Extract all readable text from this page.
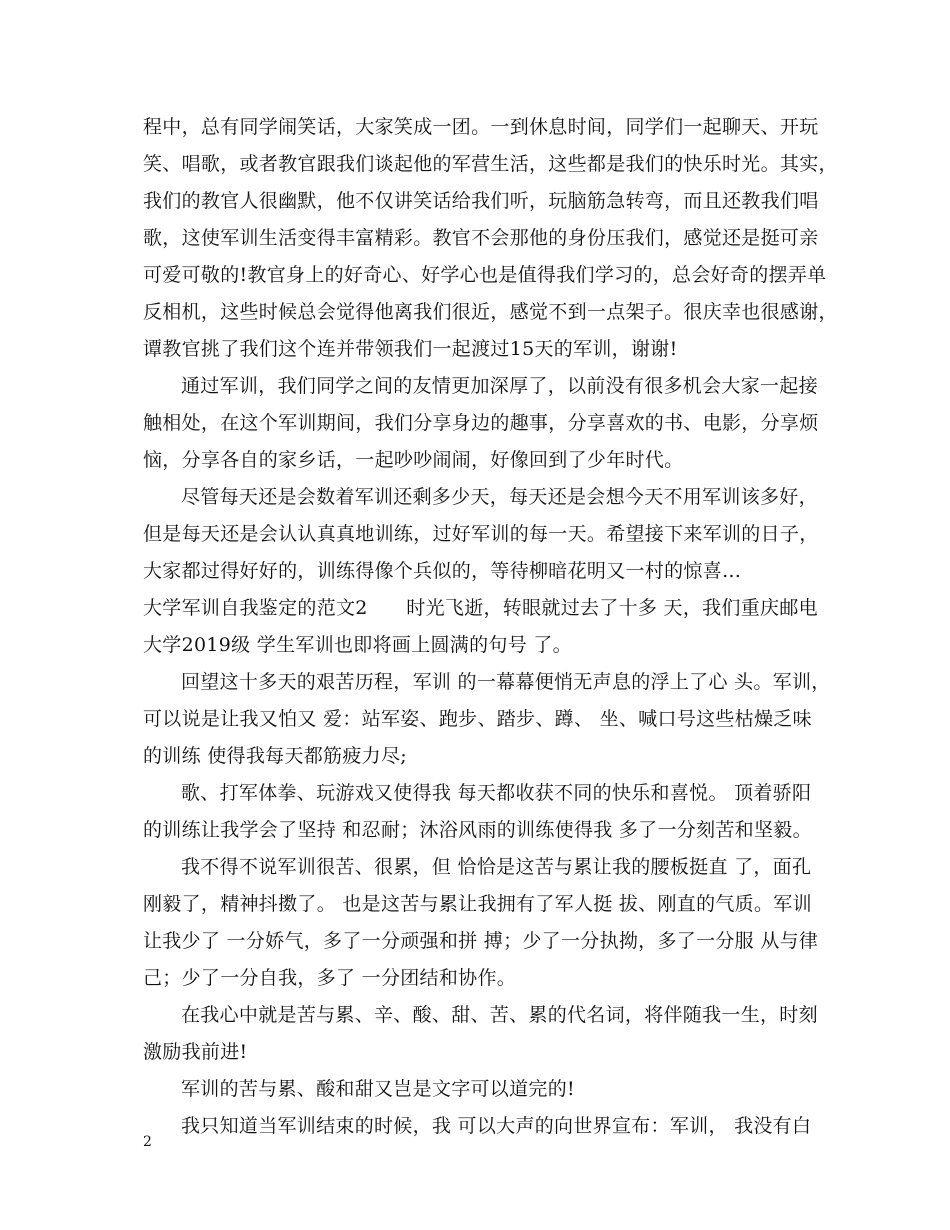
程中，总有同学闹笑话，大家笑成一团。一到休息时间，同学们一起聊天、开玩
笑、唱歌，或者教官跟我们谈起他的军营生活，这些都是我们的快乐时光。其实，
我们的教官人很幽默，他不仅讲笑话给我们听，玩脑筋急转弯，而且还教我们唱
歌，这使军训生活变得丰富精彩。教官不会那他的身份压我们，感觉还是挺可亲
可爱可敬的!教官身上的好奇心、好学心也是值得我们学习的，总会好奇的摆弄单
反相机，这些时候总会觉得他离我们很近，感觉不到一点架子。很庆幸也很感谢，
谭教官挑了我们这个连并带领我们一起渡过15天的军训，谢谢!
通过军训，我们同学之间的友情更加深厚了，以前没有很多机会大家一起接
触相处，在这个军训期间，我们分享身边的趣事，分享喜欢的书、电影，分享烦
恼，分享各自的家乡话，一起吵吵闹闹，好像回到了少年时代。
尽管每天还是会数着军训还剩多少天，每天还是会想今天不用军训该多好，
但是每天还是会认认真真地训练，过好军训的每一天。希望接下来军训的日子，
大家都过得好好的，训练得像个兵似的，等待柳暗花明又一村的惊喜…
大学军训自我鉴定的范文2　　时光飞逝，转眼就过去了十多 天，我们重庆邮电
大学2019级 学生军训也即将画上圆满的句号 了。
回望这十多天的艰苦历程，军训 的一幕幕便悄无声息的浮上了心 头。军训，
可以说是让我又怕又 爱：站军姿、跑步、踏步、蹲、 坐、喊口号这些枯燥乏味
的训练 使得我每天都筋疲力尽;
歌、打军体拳、玩游戏又使得我 每天都收获不同的快乐和喜悦。 顶着骄阳
的训练让我学会了坚持 和忍耐；沐浴风雨的训练使得我 多了一分刻苦和坚毅。
我不得不说军训很苦、很累，但 恰恰是这苦与累让我的腰板挺直 了，面孔
刚毅了，精神抖擞了。 也是这苦与累让我拥有了军人挺 拔、刚直的气质。军训
让我少了 一分娇气，多了一分顽强和拼 搏；少了一分执拗，多了一分服 从与律
己；少了一分自我，多了 一分团结和协作。
在我心中就是苦与累、辛、酸、甜、苦、累的代名词，将伴随我一生，时刻
激励我前进!
军训的苦与累、酸和甜又岂是文字可以道完的!
我只知道当军训结束的时候，我 可以大声的向世界宣布：军训， 我没有白
2
